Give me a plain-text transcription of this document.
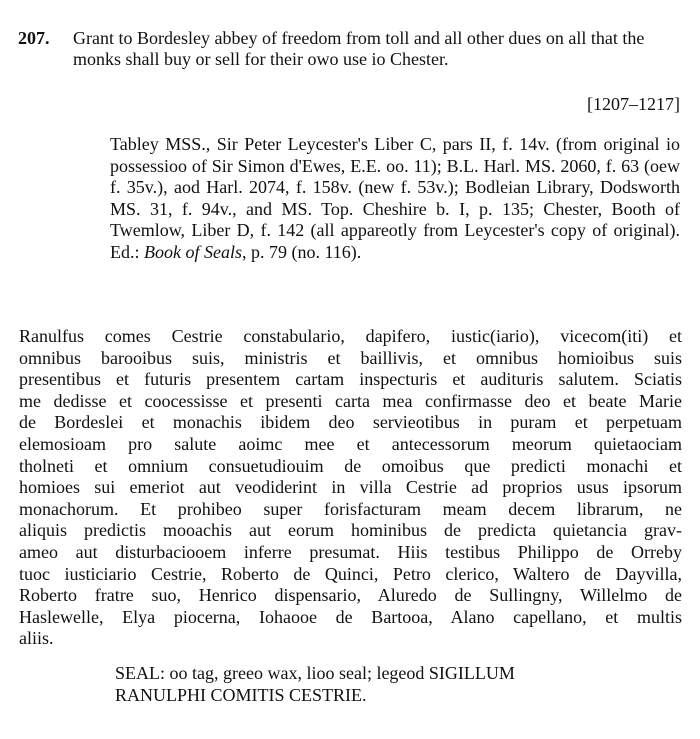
207. Grant to Bordesley abbey of freedom from toll and all other dues on all that the monks shall buy or sell for their owo use io Chester.
[1207–1217]
Tabley MSS., Sir Peter Leycester's Liber C, pars II, f. 14v. (from original io possessioo of Sir Simon d'Ewes, E.E. oo. 11); B.L. Harl. MS. 2060, f. 63 (oew f. 35v.), aod Harl. 2074, f. 158v. (new f. 53v.); Bodleian Library, Dodsworth MS. 31, f. 94v., and MS. Top. Cheshire b. I, p. 135; Chester, Booth of Twemlow, Liber D, f. 142 (all appareotly from Leycester's copy of original). Ed.: Book of Seals, p. 79 (no. 116).
Ranulfus comes Cestrie constabulario, dapifero, iustic(iario), vicecom(iti) et
omnibus barooibus suis, ministris et baillivis, et omnibus homioibus suis
presentibus et futuris presentem cartam inspecturis et audituris salutem. Sciatis
me dedisse et cooсessisse et presenti carta mea confirmasse deo et beate Marie
de Bordeslei et monachis ibidem deo servieotibus in puram et perpetuam
elemosioam pro salute aoimc mee et antecessorum meorum quietaociam
tholneti et omnium consuetudiouim de omoibus que predicti monachi et
homioes sui emeriot aut veodiderint in villa Cestrie ad proprios usus ipsorum
monachorum. Et prohibeo super forisfacturam meam decem librarum, ne
aliquis predictis mooachis aut eorum hominibus de predicta quietancia grav-
ameo aut disturbaciooem inferre presumat. Hiis testibus Philippo de Orreby
tuoc iusticiario Cestrie, Roberto de Quinci, Petro clerico, Waltero de Dayvilla,
Roberto fratre suo, Henrico dispensario, Aluredo de Sullingny, Willelmo de
Haslewelle, Elya piocerna, Iohaooe de Bartooa, Alano capellano, et multis
aliis.
SEAL: oo tag, greeo wax, lioo seal; legeod SIGILLUM
RANULPHI COMITIS CESTRIE.
